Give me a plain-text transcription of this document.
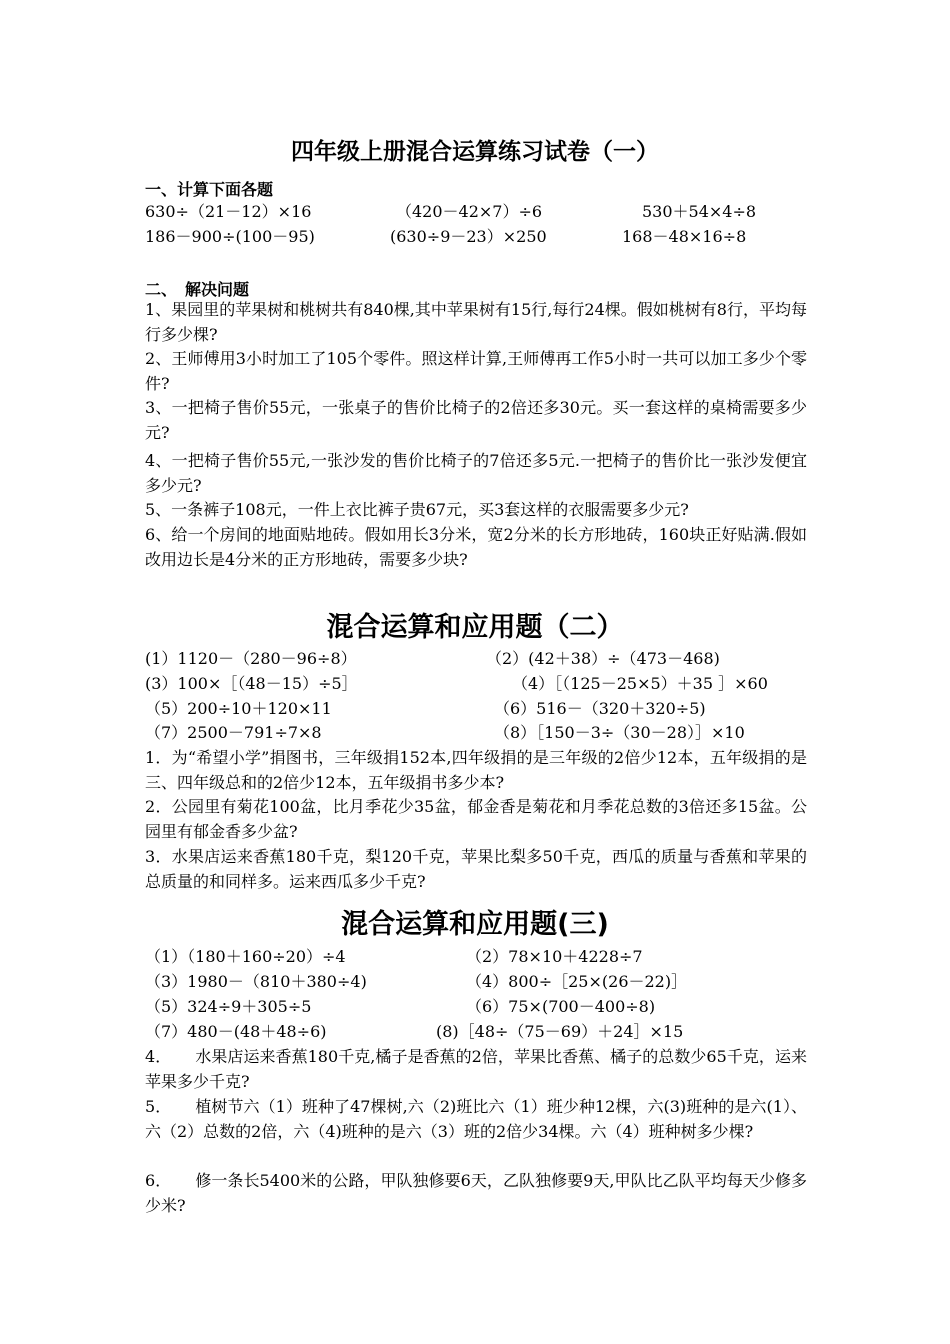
四年级上册混合运算练习试卷（一）
一、计算下面各题
630÷（21－12）×16	（420－42×7）÷6	530＋54×4÷8
186－900÷(100－95)	(630÷9－23）×250	168－48×16÷8
二、　解决问题
1、果园里的苹果树和桃树共有840棵,其中苹果树有15行,每行24棵。假如桃树有8行，平均每行多少棵?
2、王师傅用3小时加工了105个零件。照这样计算,王师傅再工作5小时一共可以加工多少个零件?
3、一把椅子售价55元，一张桌子的售价比椅子的2倍还多30元。买一套这样的桌椅需要多少元?
4、一把椅子售价55元,一张沙发的售价比椅子的7倍还多5元.一把椅子的售价比一张沙发便宜多少元?
5、一条裤子108元，一件上衣比裤子贵67元，买3套这样的衣服需要多少元?
6、给一个房间的地面贴地砖。假如用长3分米，宽2分米的长方形地砖，160块正好贴满.假如改用边长是4分米的正方形地砖，需要多少块?
混合运算和应用题（二）
(1）1120－（280－96÷8）	（2）(42＋38）÷（473－468)
(3）100×［（48－15）÷5］	（4）［（125－25×5）＋35 ］×60
（5）200÷10＋120×11	（6）516－（320＋320÷5)
（7）2500－791÷7×8	（8）［150－3÷（30－28）］×10
1．为“希望小学”捐图书，三年级捐152本,四年级捐的是三年级的2倍少12本，五年级捐的是三、四年级总和的2倍少12本，五年级捐书多少本?
2．公园里有菊花100盆，比月季花少35盆，郁金香是菊花和月季花总数的3倍还多15盆。公园里有郁金香多少盆?
3．水果店运来香蕉180千克，梨120千克，苹果比梨多50千克，西瓜的质量与香蕉和苹果的总质量的和同样多。运来西瓜多少千克?
混合运算和应用题(三)
（1）（180＋160÷20）÷4	（2）78×10＋4228÷7
（3）1980－（810＋380÷4)	（4）800÷［25×(26－22)］
（5）324÷9＋305÷5	（6）75×(700－400÷8)
（7）480－(48＋48÷6)	(8)［48÷（75－69）＋24］×15
4．　　水果店运来香蕉180千克,橘子是香蕉的2倍，苹果比香蕉、橘子的总数少65千克，运来苹果多少千克?
5．　　植树节六（1）班种了47棵树,六（2)班比六（1）班少种12棵，六(3)班种的是六(1）、六（2）总数的2倍，六（4)班种的是六（3）班的2倍少34棵。六（4）班种树多少棵?
6．　　修一条长5400米的公路，甲队独修要6天，乙队独修要9天,甲队比乙队平均每天少修多少米?
